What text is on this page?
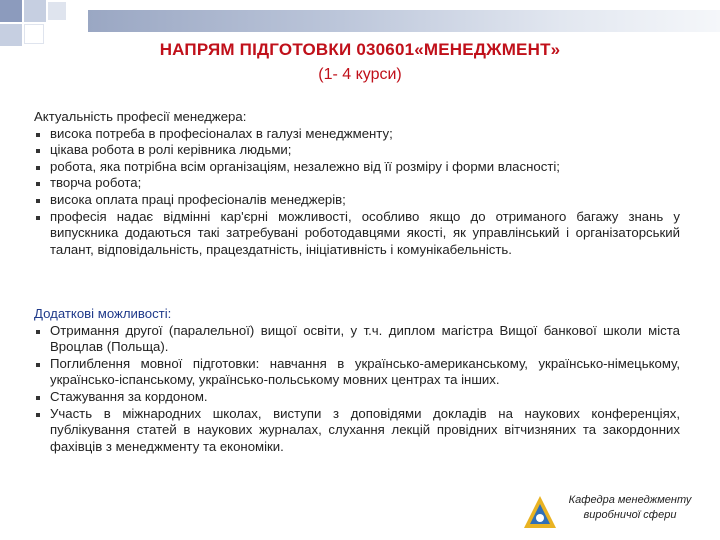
НАПРЯМ ПІДГОТОВКИ 030601«МЕНЕДЖМЕНТ»
(1- 4 курси)
Актуальність професії менеджера:
висока потреба в професіоналах в галузі менеджменту;
цікава робота в ролі керівника людьми;
робота, яка потрібна всім організаціям, незалежно від її розміру і форми власності;
творча робота;
висока оплата праці професіоналів менеджерів;
професія надає відмінні кар'єрні можливості, особливо якщо до отриманого багажу знань у випускника додаються такі затребувані роботодавцями якості, як управлінський і організаторський талант, відповідальність, працездатність, ініціативність і комунікабельність.
Додаткові можливості:
Отримання другої (паралельної) вищої освіти, у т.ч. диплом магістра Вищої банкової школи міста Вроцлав (Польща).
Поглиблення мовної підготовки: навчання в українсько-американському, українсько-німецькому, українсько-іспанському, українсько-польському мовних центрах та інших.
Стажування за кордоном.
Участь в міжнародних школах, виступи з доповідями докладів на наукових конференціях, публікування статей в наукових журналах, слухання лекцій провідних вітчизняних та закордонних фахівців з менеджменту та економіки.
Кафедра менеджменту
виробничої сфери
